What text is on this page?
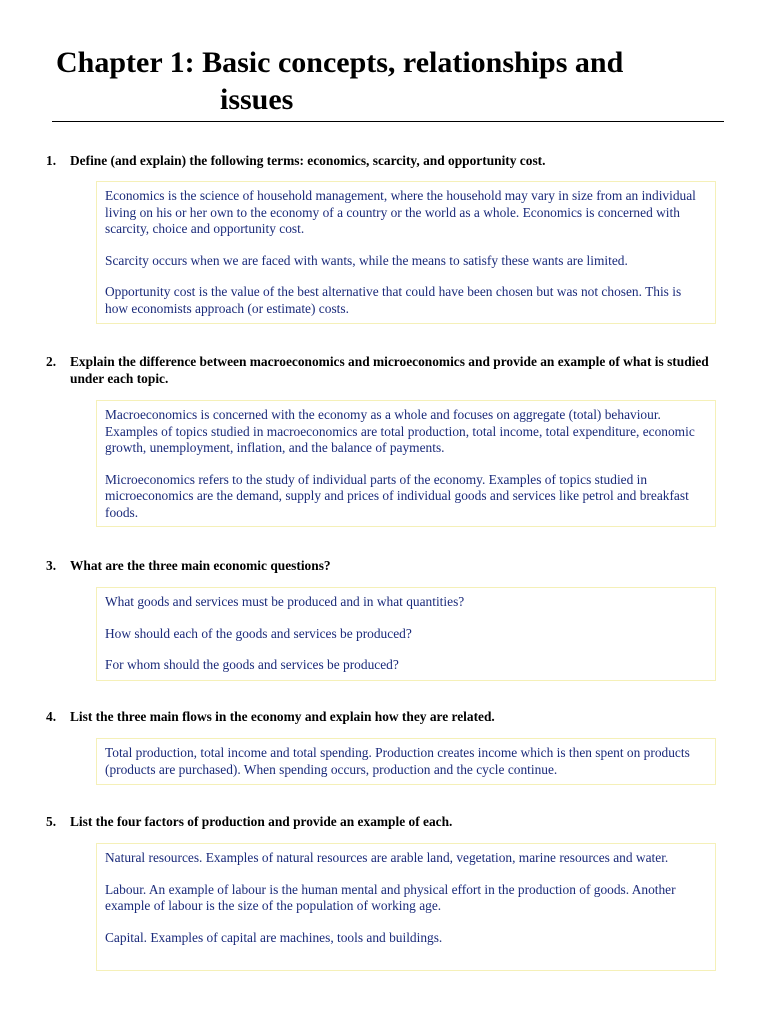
Chapter 1: Basic concepts, relationships and
issues
1.	Define (and explain) the following terms: economics, scarcity, and opportunity cost.

Economics is the science of household management, where the household may vary in size from an individual living on his or her own to the economy of a country or the world as a whole. Economics is concerned with scarcity, choice and opportunity cost.

Scarcity occurs when we are faced with wants, while the means to satisfy these wants are limited.

Opportunity cost is the value of the best alternative that could have been chosen but was not chosen. This is how economists approach (or estimate) costs.

2.	Explain the difference between macroeconomics and microeconomics and provide an example of what is studied under each topic.

Macroeconomics is concerned with the economy as a whole and focuses on aggregate (total) behaviour. Examples of topics studied in macroeconomics are total production, total income, total expenditure, economic growth, unemployment, inflation, and the balance of payments.

Microeconomics refers to the study of individual parts of the economy. Examples of topics studied in microeconomics are the demand, supply and prices of individual goods and services like petrol and breakfast foods.

3.	What are the three main economic questions?

What goods and services must be produced and in what quantities?

How should each of the goods and services be produced?

For whom should the goods and services be produced?

4.	List the three main flows in the economy and explain how they are related.

Total production, total income and total spending. Production creates income which is then spent on products (products are purchased). When spending occurs, production and the cycle continue.

5.	List the four factors of production and provide an example of each.

Natural resources. Examples of natural resources are arable land, vegetation, marine resources and water.

Labour. An example of labour is the human mental and physical effort in the production of goods. Another example of labour is the size of the population of working age.

Capital. Examples of capital are machines, tools and buildings.
